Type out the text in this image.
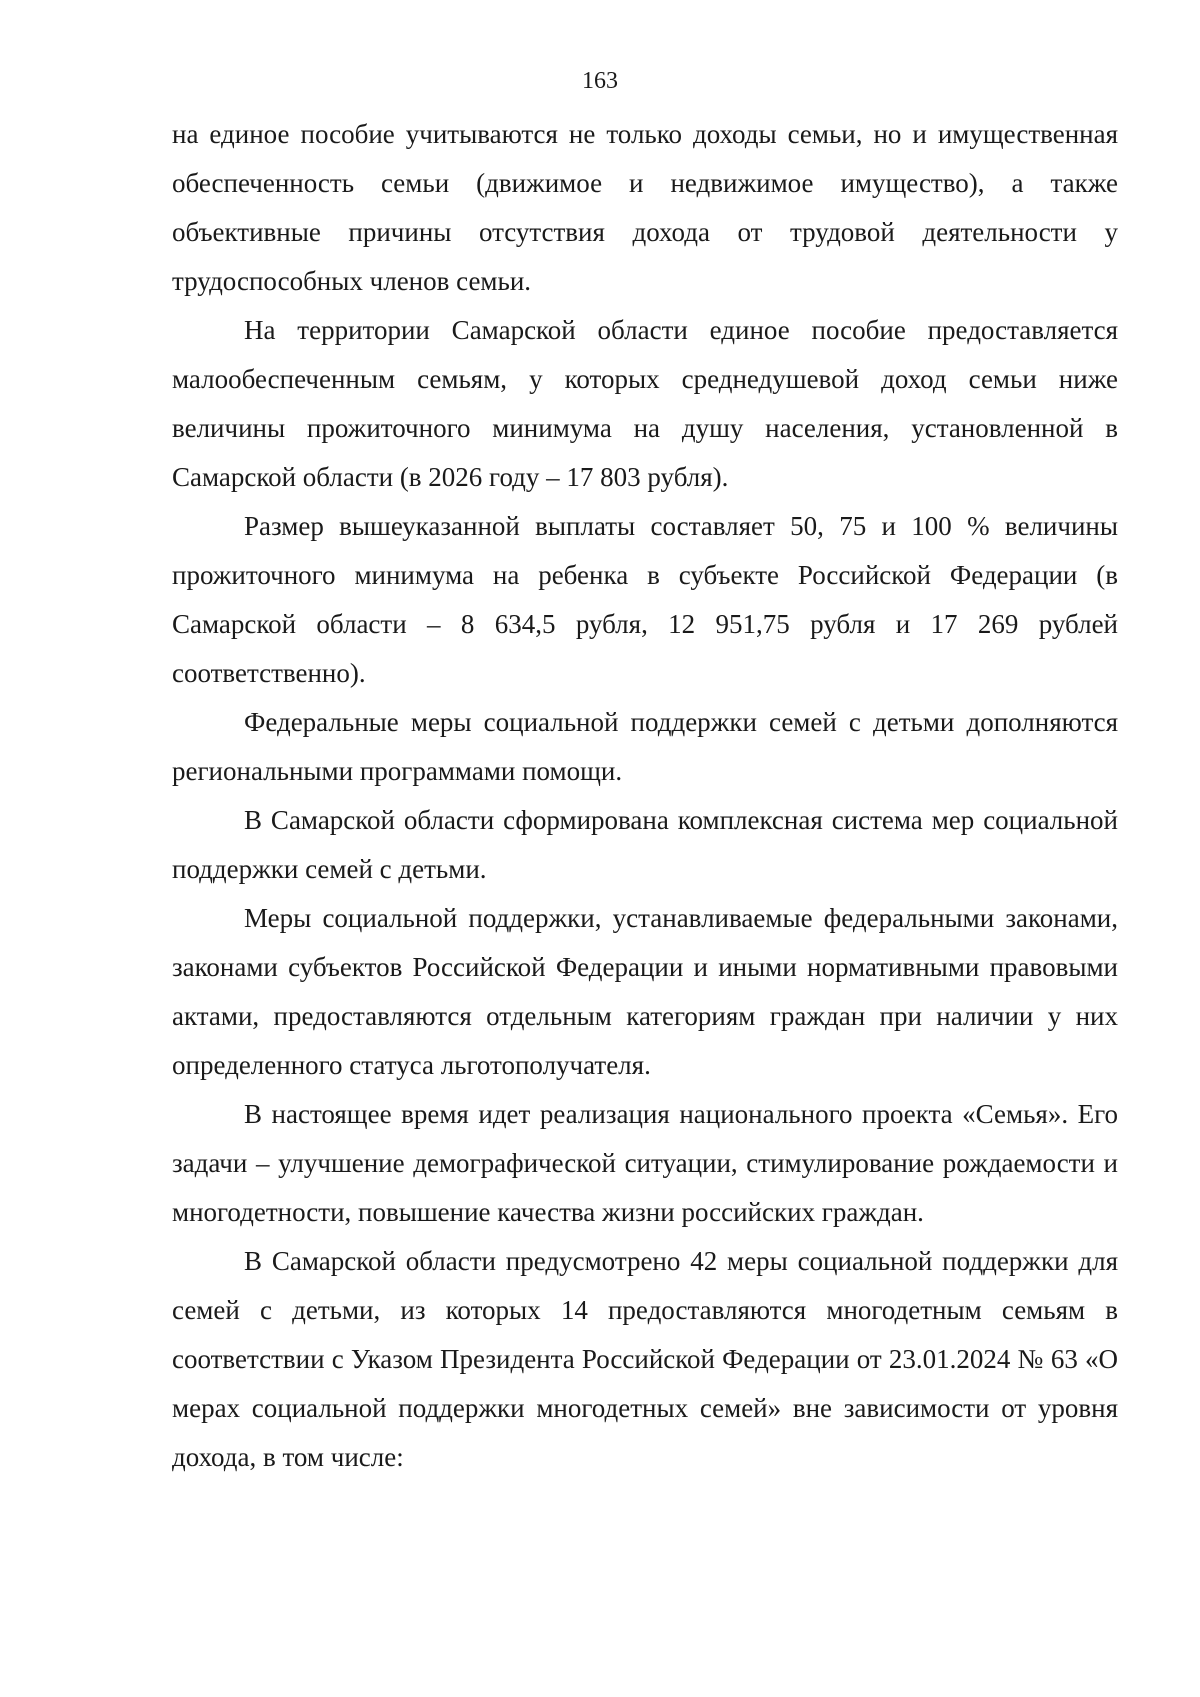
163

на единое пособие учитываются не только доходы семьи, но и имущественная обеспеченность семьи (движимое и недвижимое имущество), а также объективные причины отсутствия дохода от трудовой деятельности у трудоспособных членов семьи.

На территории Самарской области единое пособие предоставляется малообеспеченным семьям, у которых среднедушевой доход семьи ниже величины прожиточного минимума на душу населения, установленной в Самарской области (в 2026 году – 17 803 рубля).

Размер вышеуказанной выплаты составляет 50, 75 и 100 % величины прожиточного минимума на ребенка в субъекте Российской Федерации (в Самарской области – 8 634,5 рубля, 12 951,75 рубля и 17 269 рублей соответственно).

Федеральные меры социальной поддержки семей с детьми дополняются региональными программами помощи.

В Самарской области сформирована комплексная система мер социальной поддержки семей с детьми.

Меры социальной поддержки, устанавливаемые федеральными законами, законами субъектов Российской Федерации и иными нормативными правовыми актами, предоставляются отдельным категориям граждан при наличии у них определенного статуса льготополучателя.

В настоящее время идет реализация национального проекта «Семья». Его задачи – улучшение демографической ситуации, стимулирование рождаемости и многодетности, повышение качества жизни российских граждан.

В Самарской области предусмотрено 42 меры социальной поддержки для семей с детьми, из которых 14 предоставляются многодетным семьям в соответствии с Указом Президента Российской Федерации от 23.01.2024 № 63 «О мерах социальной поддержки многодетных семей» вне зависимости от уровня дохода, в том числе:
